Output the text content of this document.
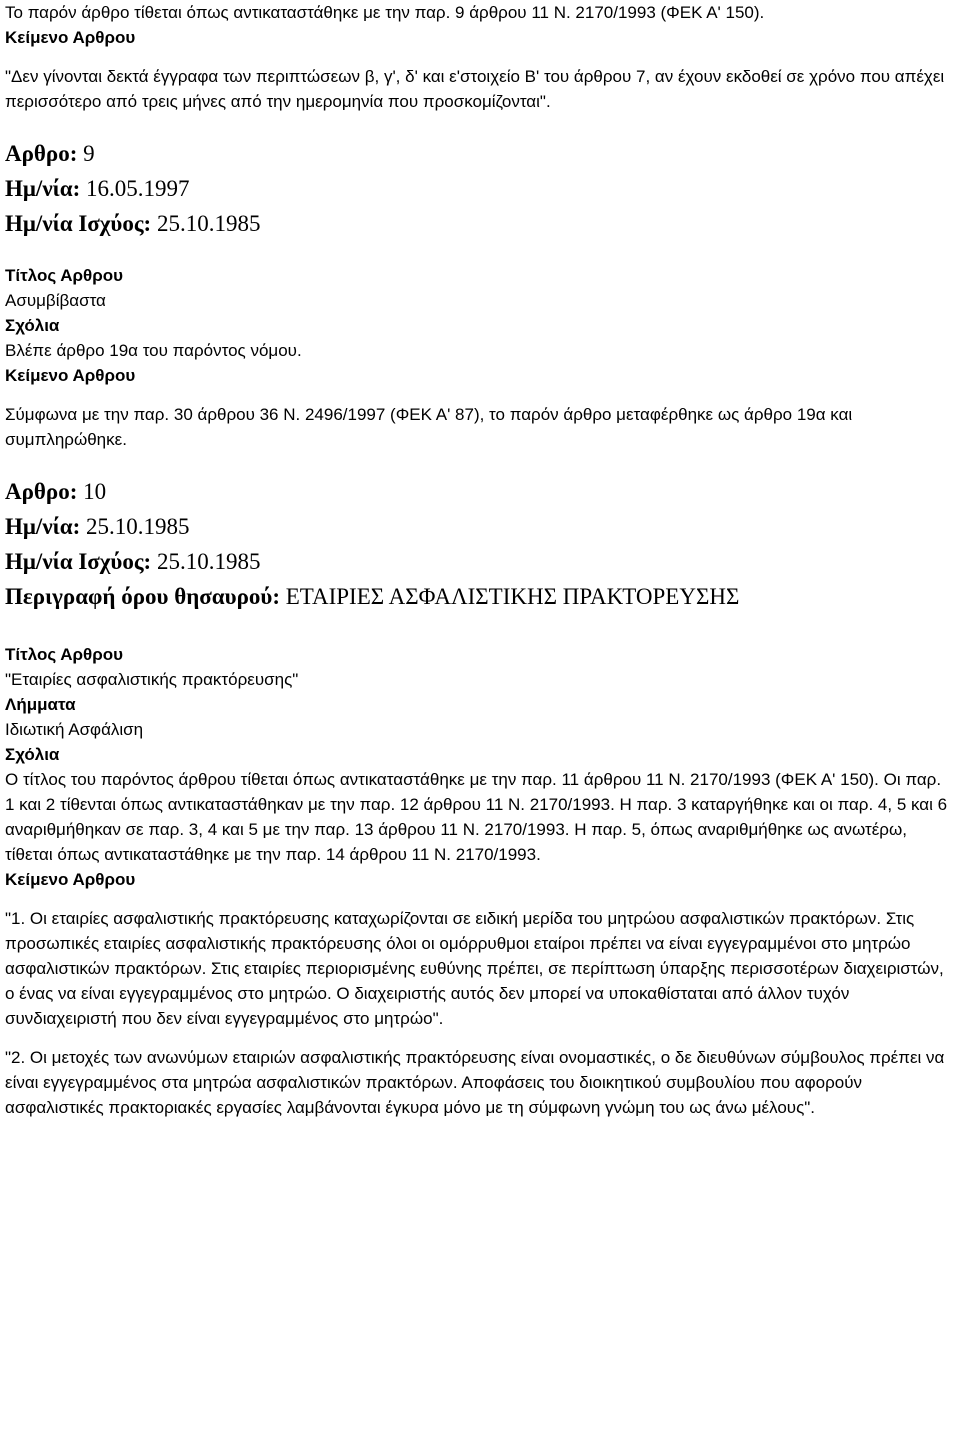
Το παρόν άρθρο τίθεται όπως αντικαταστάθηκε με την παρ. 9 άρθρου 11 Ν. 2170/1993 (ΦΕΚ Α' 150).

Κείμενο Αρθρου

"Δεν γίνονται δεκτά έγγραφα των περιπτώσεων β, γ', δ' και ε'στοιχείο Β' του άρθρου 7, αν έχουν εκδοθεί σε χρόνο που απέχει περισσότερο από τρεις μήνες από την ημερομηνία που προσκομίζονται".

Αρθρο: 9

Ημ/νία: 16.05.1997

Ημ/νία Ισχύος: 25.10.1985

Τίτλος Αρθρου

Ασυμβίβαστα

Σχόλια

Βλέπε άρθρο 19α του παρόντος νόμου.

Κείμενο Αρθρου

Σύμφωνα με την παρ. 30 άρθρου 36 Ν. 2496/1997 (ΦΕΚ Α' 87), το παρόν άρθρο μεταφέρθηκε ως άρθρο 19α και συμπληρώθηκε.

Αρθρο: 10

Ημ/νία: 25.10.1985

Ημ/νία Ισχύος: 25.10.1985

Περιγραφή όρου θησαυρού: ΕΤΑΙΡΙΕΣ ΑΣΦΑΛΙΣΤΙΚΗΣ ΠΡΑΚΤΟΡΕΥΣΗΣ

Τίτλος Αρθρου

"Εταιρίες ασφαλιστικής πρακτόρευσης"

Λήμματα

Ιδιωτική Ασφάλιση

Σχόλια

Ο τίτλος του παρόντος άρθρου τίθεται όπως αντικαταστάθηκε με την παρ. 11 άρθρου 11 Ν. 2170/1993 (ΦΕΚ Α' 150). Οι παρ. 1 και 2 τίθενται όπως αντικαταστάθηκαν με την παρ. 12 άρθρου 11 Ν. 2170/1993. Η παρ. 3 καταργήθηκε και οι παρ. 4, 5 και 6 αναριθμήθηκαν σε παρ. 3, 4 και 5 με την παρ. 13 άρθρου 11 Ν. 2170/1993. Η παρ. 5, όπως αναριθμήθηκε ως ανωτέρω, τίθεται όπως αντικαταστάθηκε με την παρ. 14 άρθρου 11 Ν. 2170/1993.

Κείμενο Αρθρου

"1. Οι εταιρίες ασφαλιστικής πρακτόρευσης καταχωρίζονται σε ειδική μερίδα του μητρώου ασφαλιστικών πρακτόρων. Στις προσωπικές εταιρίες ασφαλιστικής πρακτόρευσης όλοι οι ομόρρυθμοι εταίροι πρέπει να είναι εγγεγραμμένοι στο μητρώο ασφαλιστικών πρακτόρων. Στις εταιρίες περιορισμένης ευθύνης πρέπει, σε περίπτωση ύπαρξης περισσοτέρων διαχειριστών, ο ένας να είναι εγγεγραμμένος στο μητρώο. Ο διαχειριστής αυτός δεν μπορεί να υποκαθίσταται από άλλον τυχόν συνδιαχειριστή που δεν είναι εγγεγραμμένος στο μητρώο".

"2. Οι μετοχές των ανωνύμων εταιριών ασφαλιστικής πρακτόρευσης είναι ονομαστικές, ο δε διευθύνων σύμβουλος πρέπει να είναι εγγεγραμμένος στα μητρώα ασφαλιστικών πρακτόρων. Αποφάσεις του διοικητικού συμβουλίου που αφορούν ασφαλιστικές πρακτοριακές εργασίες λαμβάνονται έγκυρα μόνο με τη σύμφωνη γνώμη του ως άνω μέλους".
